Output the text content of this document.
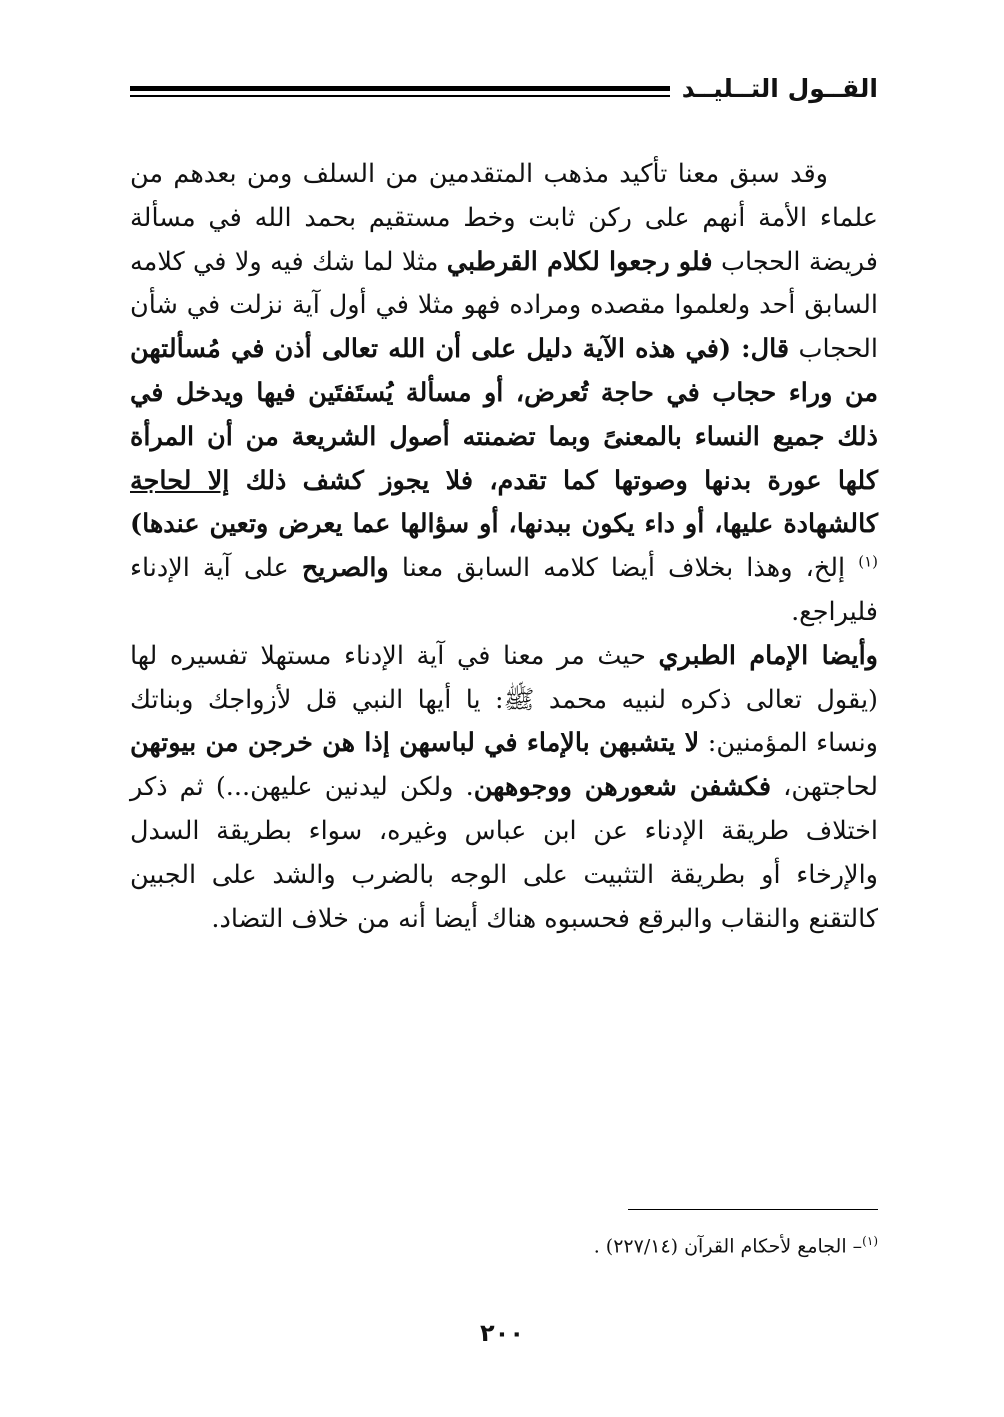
القــول التــليــد

وقد سبق معنا تأكيد مذهب المتقدمين من السلف ومن بعدهم من علماء الأمة أنهم على ركن ثابت وخط مستقيم بحمد الله في مسألة فريضة الحجاب فلو رجعوا لكلام القرطبي مثلا لما شك فيه ولا في كلامه السابق أحد ولعلموا مقصده ومراده فهو مثلا في أول آية نزلت في شأن الحجاب قال: (في هذه الآية دليل على أن الله تعالى أذن في مُسألتهن من وراء حجاب في حاجة تُعرض، أو مسألة يُستَفتَين فيها ويدخل في ذلك جميع النساء بالمعنىً وبما تضمنته أصول الشريعة من أن المرأة كلها عورة بدنها وصوتها كما تقدم، فلا يجوز كشف ذلك إلا لحاجة كالشهادة عليها، أو داء يكون ببدنها، أو سؤالها عما يعرض وتعين عندها)$^{(١)}$ إلخ، وهذا بخلاف أيضا كلامه السابق معنا والصريح على آية الإدناء فليراجع.

وأيضا الإمام الطبري حيث مر معنا في آية الإدناء مستهلا تفسيره لها (يقول تعالى ذكره لنبيه محمد ﷺ: يا أيها النبي قل لأزواجك وبناتك ونساء المؤمنين: لا يتشبهن بالإماء في لباسهن إذا هن خرجن من بيوتهن لحاجتهن، فكشفن شعورهن ووجوههن. ولكن ليدنين عليهن...) ثم ذكر اختلاف طريقة الإدناء عن ابن عباس وغيره، سواء بطريقة السدل والإرخاء أو بطريقة التثبيت على الوجه بالضرب والشد على الجبين كالتقنع والنقاب والبرقع فحسبوه هناك أيضا أنه من خلاف التضاد.

$^{(١)}$– الجامع لأحكام القرآن (٢٢٧/١٤) .
٢٠٠
